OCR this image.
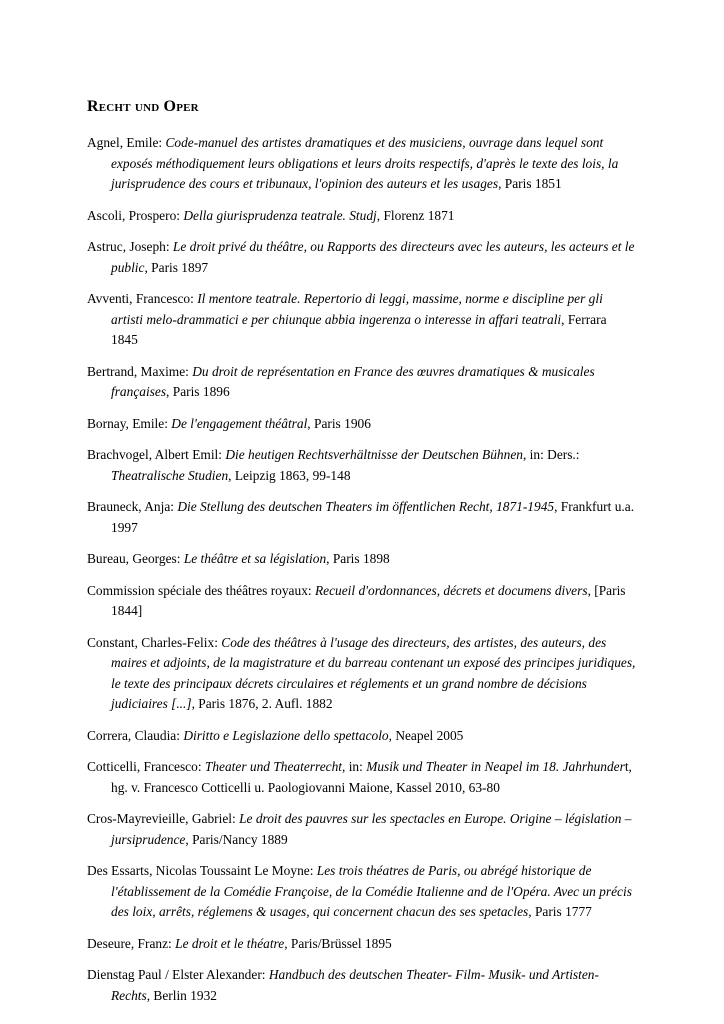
Recht und Oper
Agnel, Emile: Code-manuel des artistes dramatiques et des musiciens, ouvrage dans lequel sont exposés méthodiquement leurs obligations et leurs droits respectifs, d'après le texte des lois, la jurisprudence des cours et tribunaux, l'opinion des auteurs et les usages, Paris 1851
Ascoli, Prospero: Della giurisprudenza teatrale. Studj, Florenz 1871
Astruc, Joseph: Le droit privé du théâtre, ou Rapports des directeurs avec les auteurs, les acteurs et le public, Paris 1897
Avventi, Francesco: Il mentore teatrale. Repertorio di leggi, massime, norme e discipline per gli artisti melo-drammatici e per chiunque abbia ingerenza o interesse in affari teatrali, Ferrara 1845
Bertrand, Maxime: Du droit de représentation en France des œuvres dramatiques & musicales françaises, Paris 1896
Bornay, Emile: De l'engagement théâtral, Paris 1906
Brachvogel, Albert Emil: Die heutigen Rechtsverhältnisse der Deutschen Bühnen, in: Ders.: Theatralische Studien, Leipzig 1863, 99-148
Brauneck, Anja: Die Stellung des deutschen Theaters im öffentlichen Recht, 1871-1945, Frankfurt u.a. 1997
Bureau, Georges: Le théâtre et sa législation, Paris 1898
Commission spéciale des théâtres royaux: Recueil d'ordonnances, décrets et documens divers, [Paris 1844]
Constant, Charles-Felix: Code des théâtres à l'usage des directeurs, des artistes, des auteurs, des maires et adjoints, de la magistrature et du barreau contenant un exposé des principes juridiques, le texte des principaux décrets circulaires et réglements et un grand nombre de décisions judiciaires [...], Paris 1876, 2. Aufl. 1882
Correra, Claudia: Diritto e Legislazione dello spettacolo, Neapel 2005
Cotticelli, Francesco: Theater und Theaterrecht, in: Musik und Theater in Neapel im 18. Jahrhundert, hg. v. Francesco Cotticelli u. Paologiovanni Maione, Kassel 2010, 63-80
Cros-Mayrevieille, Gabriel: Le droit des pauvres sur les spectacles en Europe. Origine – législation – jursiprudence, Paris/Nancy 1889
Des Essarts, Nicolas Toussaint Le Moyne: Les trois théatres de Paris, ou abrégé historique de l'établissement de la Comédie Françoise, de la Comédie Italienne and de l'Opéra. Avec un précis des loix, arrêts, réglemens & usages, qui concernent chacun des ses spetacles, Paris 1777
Deseure, Franz: Le droit et le théatre, Paris/Brüssel 1895
Dienstag Paul / Elster Alexander: Handbuch des deutschen Theater- Film- Musik- und Artisten-Rechts, Berlin 1932
